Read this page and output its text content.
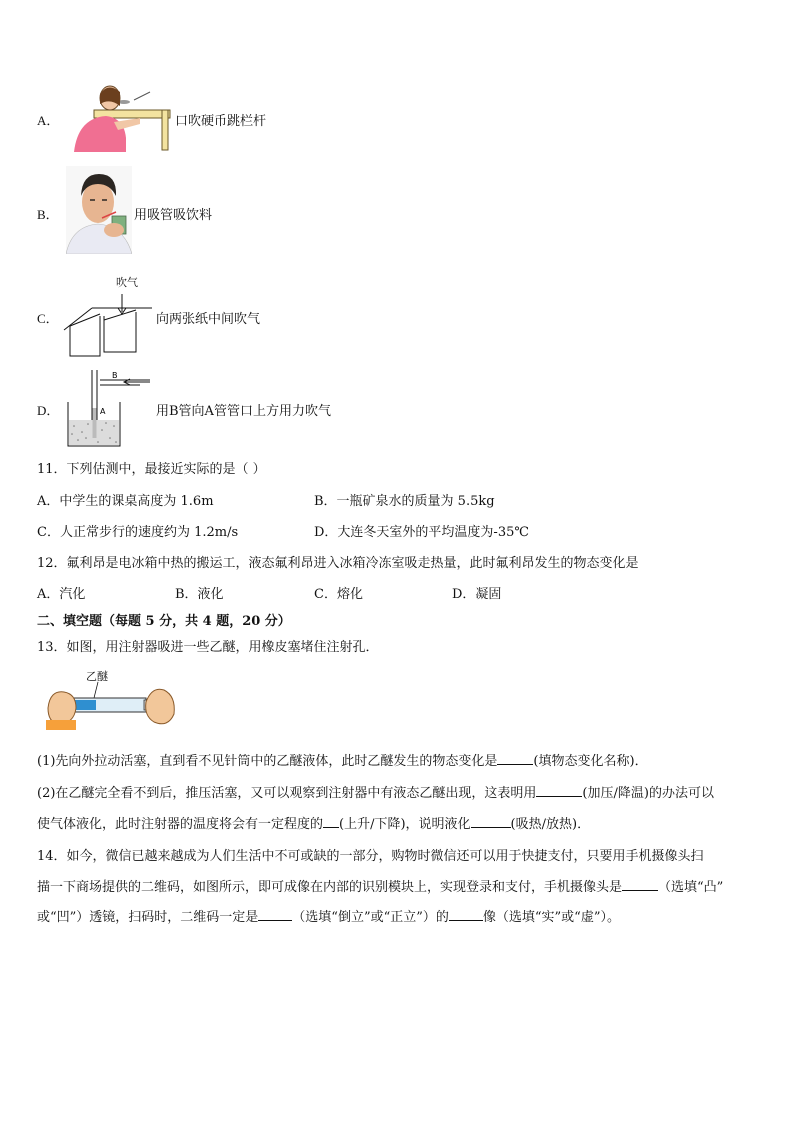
A．	口吹硬币跳栏杆
B．	用吸管吸饮料
C．
吹气
向两张纸中间吹气
D．
B
A	用B管向A管管口上方用力吹气
11．下列估测中，最接近实际的是（ ）
A．中学生的课桌高度为 1.6m	B．一瓶矿泉水的质量为 5.5kg
C．人正常步行的速度约为 1.2m/s	D．大连冬天室外的平均温度为-35℃
12．氟利昂是电冰箱中热的搬运工，液态氟利昂进入冰箱冷冻室吸走热量，此时氟利昂发生的物态变化是
A．汽化	B．液化	C．熔化	D．凝固
二、填空题（每题 5 分，共 4 题，20 分）
13．如图，用注射器吸进一些乙醚，用橡皮塞堵住注射孔．
乙醚
(1)先向外拉动活塞，直到看不见针筒中的乙醚液体，此时乙醚发生的物态变化是	(填物态变化名称)．
(2)在乙醚完全看不到后，推压活塞，又可以观察到注射器中有液态乙醚出现，这表明用	(加压/降温)的办法可以
使气体液化，此时注射器的温度将会有一定程度的 (上升/下降)，说明液化	(吸热/放热)．
14．如今，微信已越来越成为人们生活中不可或缺的一部分，购物时微信还可以用于快捷支付，只要用手机摄像头扫
描一下商场提供的二维码，如图所示，即可成像在内部的识别模块上，实现登录和支付，手机摄像头是	（选填“凸”
或“凹”）透镜，扫码时，二维码一定是	（选填“倒立”或“正立”）的	像（选填“实”或“虚”）。
